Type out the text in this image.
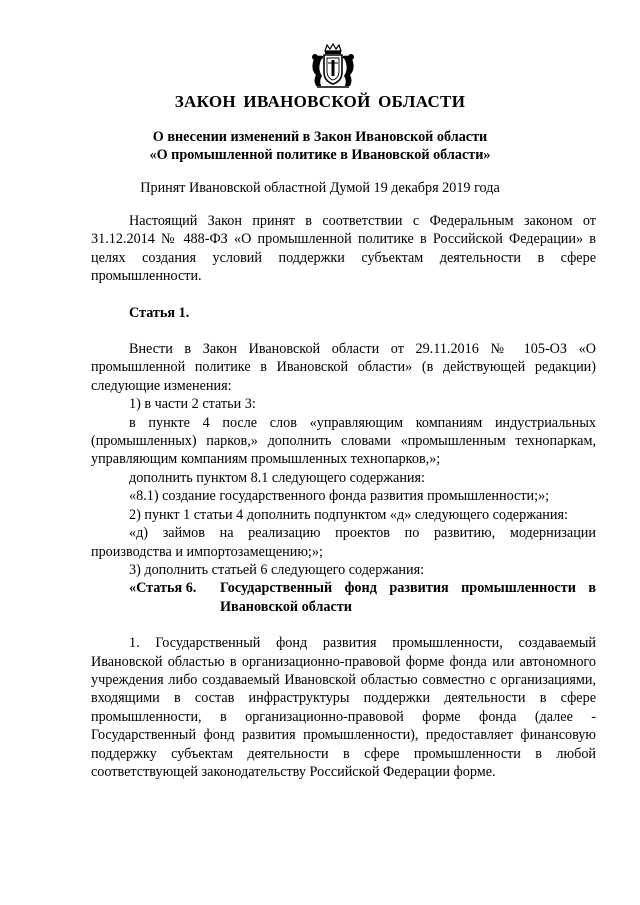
ЗАКОН ИВАНОВСКОЙ ОБЛАСТИ
О внесении изменений в Закон Ивановской области
«О промышленной политике в Ивановской области»
Принят Ивановской областной Думой 19 декабря 2019 года

Настоящий Закон принят в соответствии с Федеральным законом от 31.12.2014 № 488-ФЗ «О промышленной политике в Российской Федерации» в целях создания условий поддержки субъектам деятельности в сфере промышленности.

Статья 1.

Внести в Закон Ивановской области от 29.11.2016 № 105-ОЗ «О промышленной политике в Ивановской области» (в действующей редакции) следующие изменения:

1) в части 2 статьи 3:

в пункте 4 после слов «управляющим компаниям индустриальных (промышленных) парков,» дополнить словами «промышленным технопаркам, управляющим компаниям промышленных технопарков,»;

дополнить пунктом 8.1 следующего содержания:

«8.1) создание государственного фонда развития промышленности;»;

2) пункт 1 статьи 4 дополнить подпунктом «д» следующего содержания:

«д) займов на реализацию проектов по развитию, модернизации производства и импортозамещению;»;

3) дополнить статьей 6 следующего содержания:

«Статья 6.	Государственный фонд развития промышленности в Ивановской области

1. Государственный фонд развития промышленности, создаваемый Ивановской областью в организационно-правовой форме фонда или автономного учреждения либо создаваемый Ивановской областью совместно с организациями, входящими в состав инфраструктуры поддержки деятельности в сфере промышленности, в организационно-правовой форме фонда (далее - Государственный фонд развития промышленности), предоставляет финансовую поддержку субъектам деятельности в сфере промышленности в любой соответствующей законодательству Российской Федерации форме.
